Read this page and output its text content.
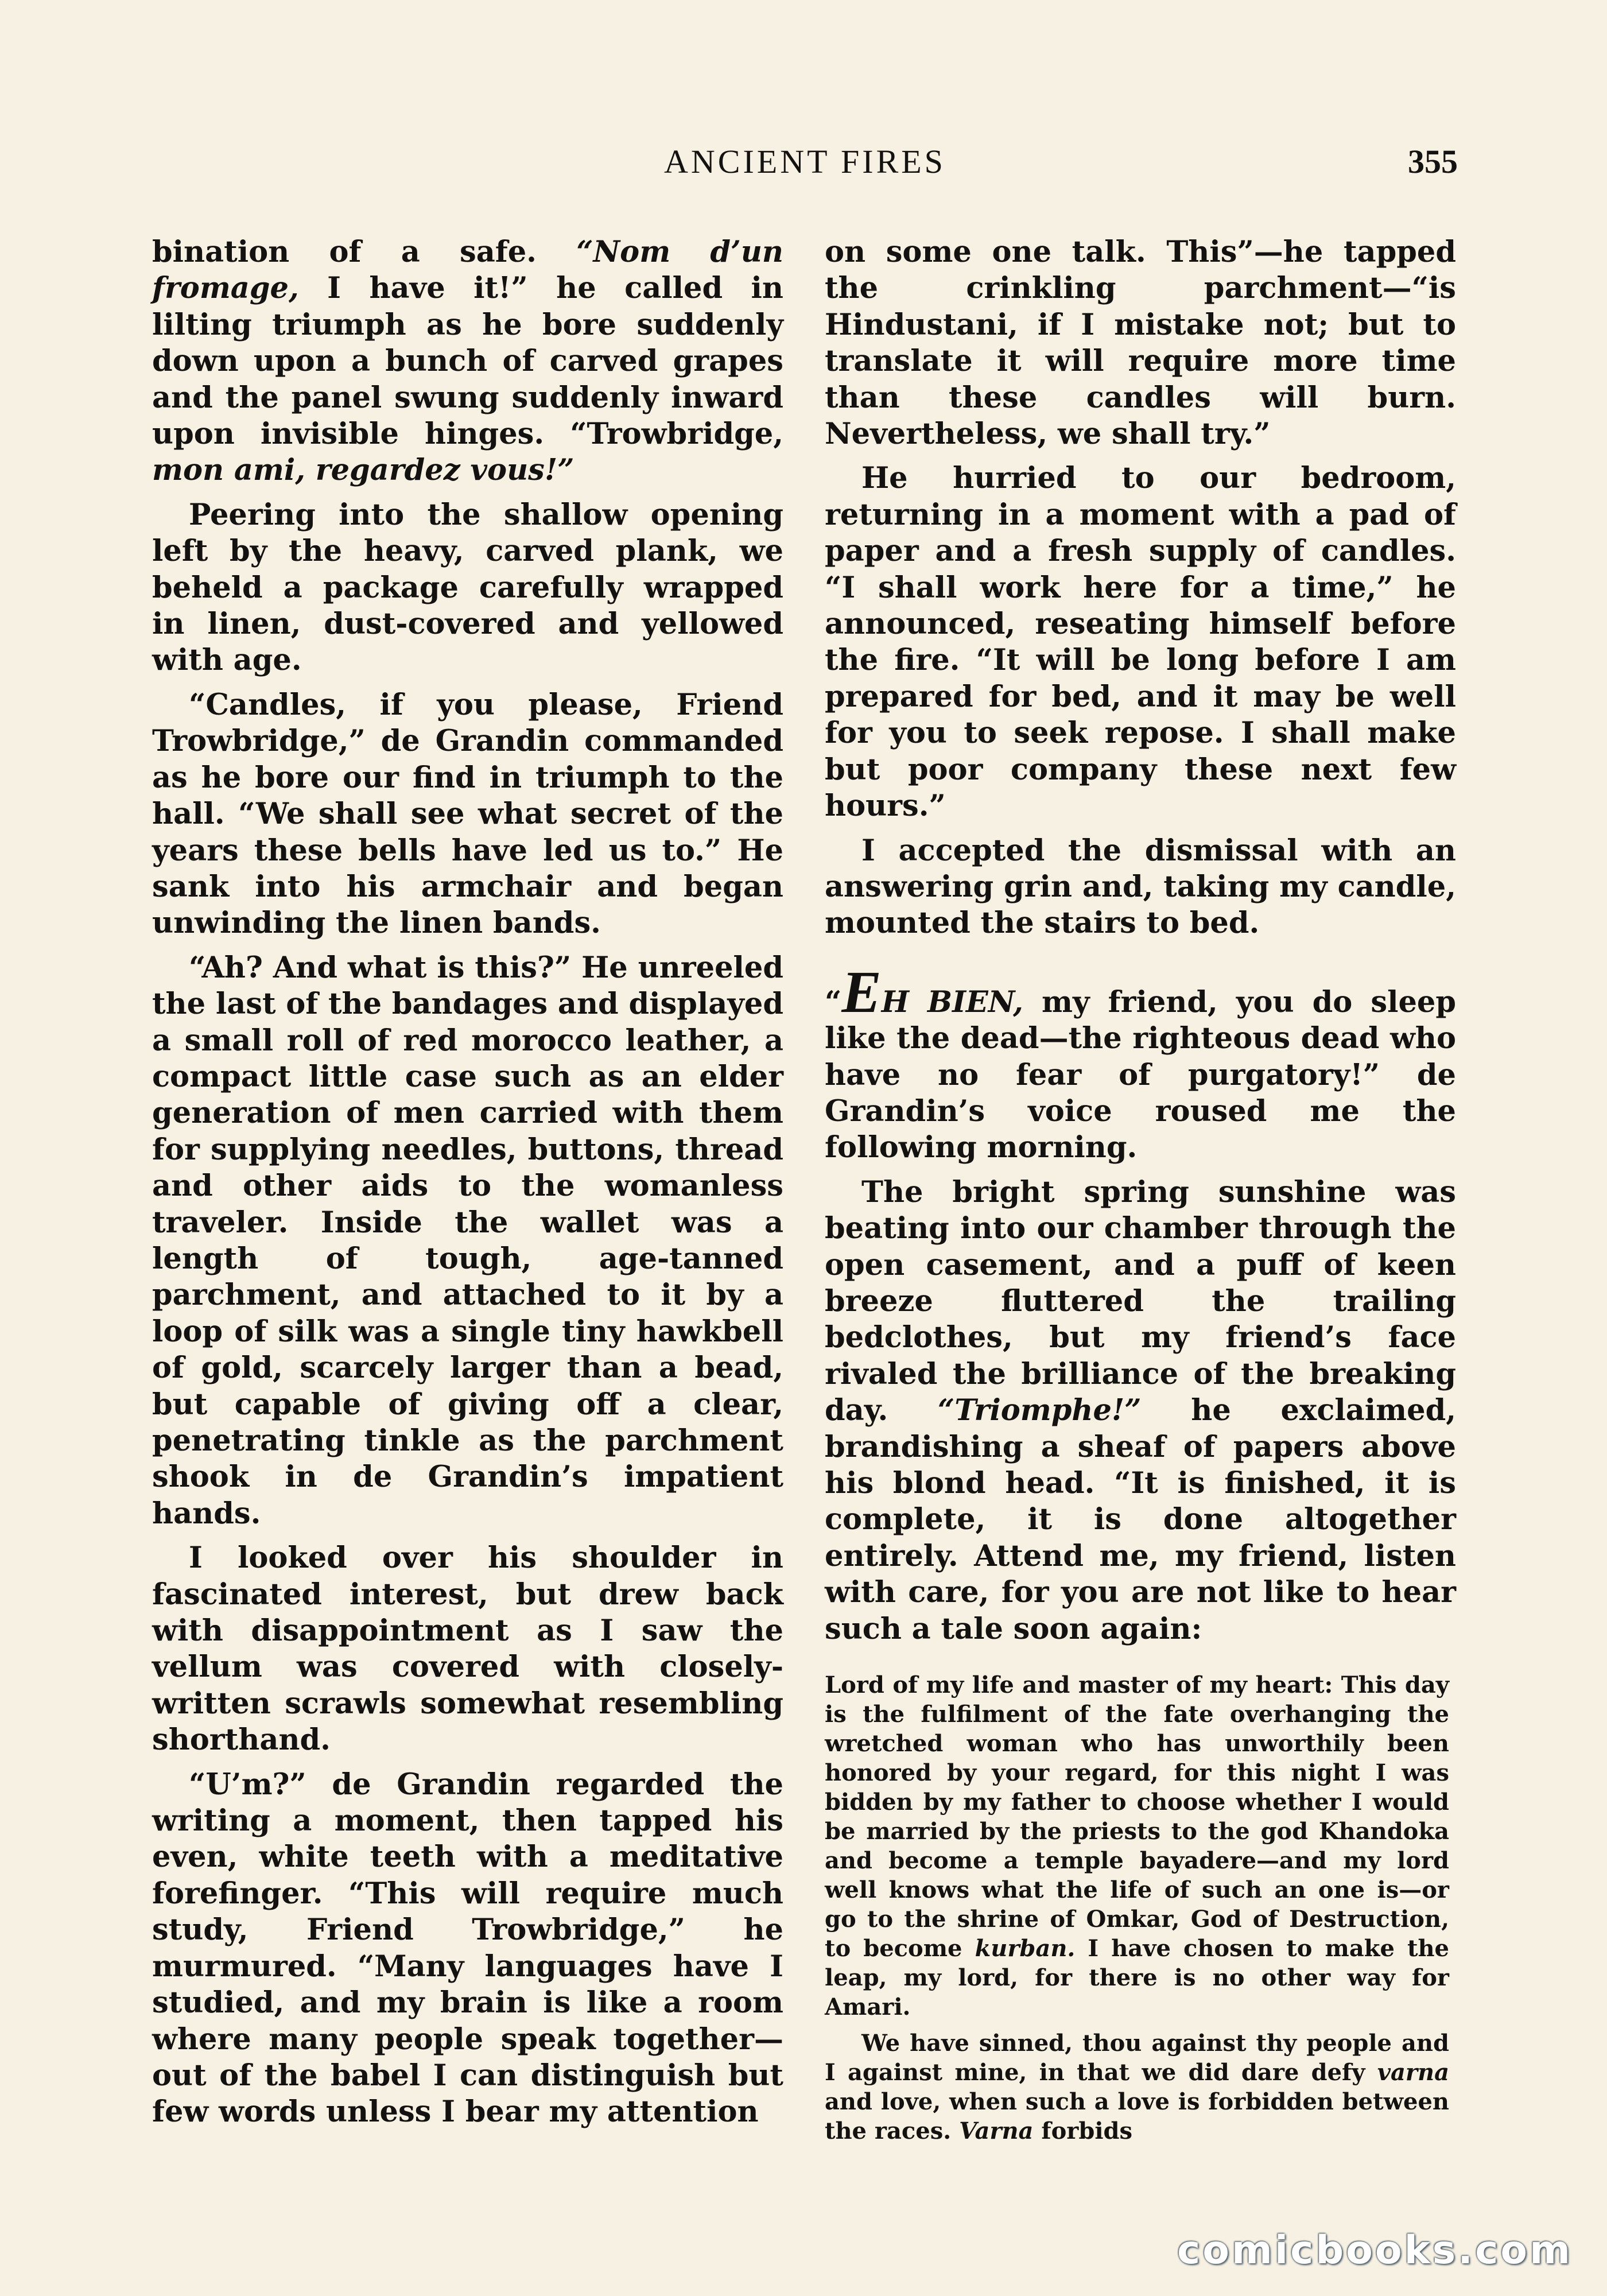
ANCIENT FIRES	355

bination of a safe. “Nom d’un fromage, I have it!” he called in lilting triumph as he bore suddenly down upon a bunch of carved grapes and the panel swung suddenly inward upon invisible hinges. “Trowbridge, mon ami, regardez vous!”

Peering into the shallow opening left by the heavy, carved plank, we beheld a package carefully wrapped in linen, dust-covered and yellowed with age.

“Candles, if you please, Friend Trowbridge,” de Grandin commanded as he bore our find in triumph to the hall. “We shall see what secret of the years these bells have led us to.” He sank into his armchair and began unwinding the linen bands.

“Ah? And what is this?” He unreeled the last of the bandages and displayed a small roll of red morocco leather, a compact little case such as an elder generation of men carried with them for supplying needles, buttons, thread and other aids to the womanless traveler. Inside the wallet was a length of tough, age-tanned parchment, and attached to it by a loop of silk was a single tiny hawkbell of gold, scarcely larger than a bead, but capable of giving off a clear, penetrating tinkle as the parchment shook in de Grandin’s impatient hands.

I looked over his shoulder in fascinated interest, but drew back with disappointment as I saw the vellum was covered with closely-written scrawls somewhat resembling shorthand.

“U’m?” de Grandin regarded the writing a moment, then tapped his even, white teeth with a meditative forefinger. “This will require much study, Friend Trowbridge,” he murmured. “Many languages have I studied, and my brain is like a room where many people speak together— out of the babel I can distinguish but few words unless I bear my attention

on some one talk. This”—he tapped the crinkling parchment—“is Hindustani, if I mistake not; but to translate it will require more time than these candles will burn. Nevertheless, we shall try.”

He hurried to our bedroom, returning in a moment with a pad of paper and a fresh supply of candles. “I shall work here for a time,” he announced, reseating himself before the fire. “It will be long before I am prepared for bed, and it may be well for you to seek repose. I shall make but poor company these next few hours.”

I accepted the dismissal with an answering grin and, taking my candle, mounted the stairs to bed.

“EH BIEN, my friend, you do sleep like the dead—the righteous dead who have no fear of purgatory!” de Grandin’s voice roused me the following morning.

The bright spring sunshine was beating into our chamber through the open casement, and a puff of keen breeze fluttered the trailing bedclothes, but my friend’s face rivaled the brilliance of the breaking day. “Triomphe!” he exclaimed, brandishing a sheaf of papers above his blond head. “It is finished, it is complete, it is done altogether entirely. Attend me, my friend, listen with care, for you are not like to hear such a tale soon again:

Lord of my life and master of my heart: This day is the fulfilment of the fate overhanging the wretched woman who has unworthily been honored by your regard, for this night I was bidden by my father to choose whether I would be married by the priests to the god Khandoka and become a temple bayadere—and my lord well knows what the life of such an one is—or go to the shrine of Omkar, God of Destruction, to become kurban. I have chosen to make the leap, my lord, for there is no other way for Amari.

We have sinned, thou against thy people and I against mine, in that we did dare defy varna and love, when such a love is forbidden between the races. Varna forbids

comicbooks.com
